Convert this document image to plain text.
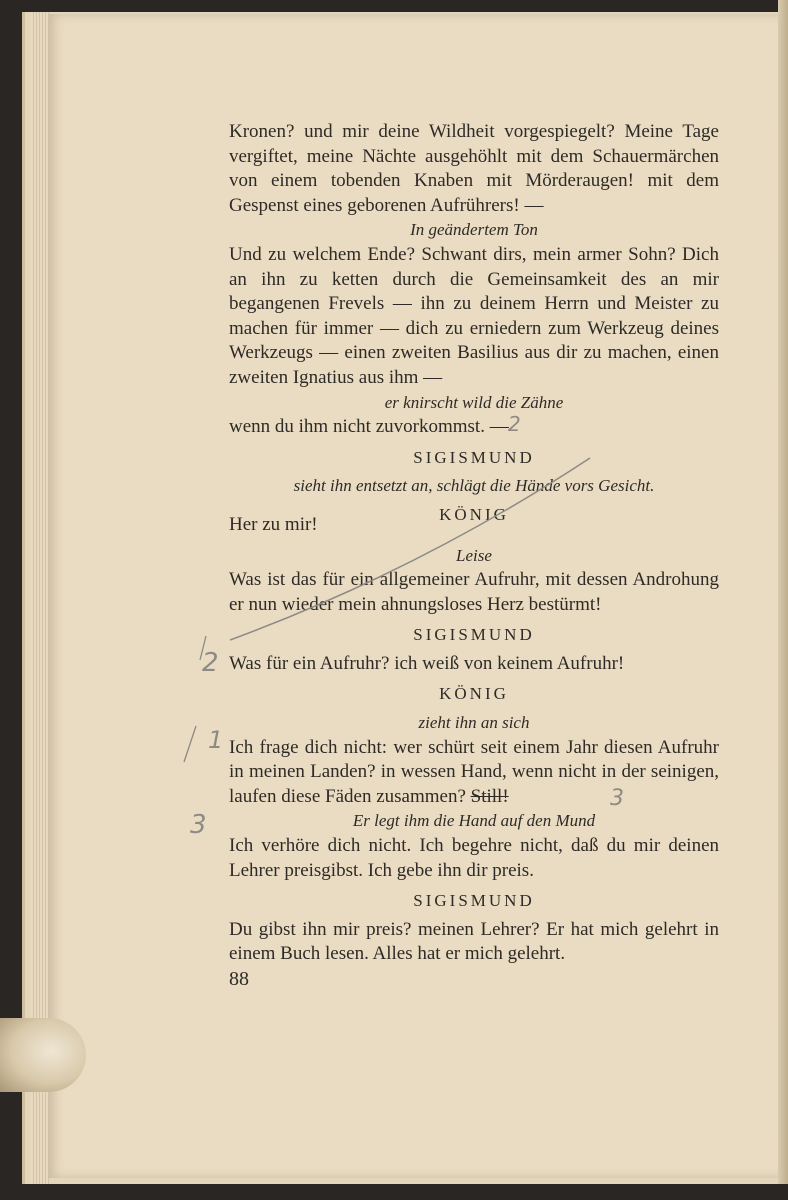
Kronen? und mir deine Wildheit vorgespiegelt? Meine Tage vergiftet, meine Nächte ausgehöhlt mit dem Schauermärchen von einem tobenden Knaben mit Mörderaugen! mit dem Gespenst eines geborenen Aufrührers! —

In geändertem Ton

Und zu welchem Ende? Schwant dirs, mein armer Sohn? Dich an ihn zu ketten durch die Gemeinsamkeit des an mir begangenen Frevels — ihn zu deinem Herrn und Meister zu machen für immer — dich zu erniedern zum Werkzeug deines Werkzeugs — einen zweiten Basilius aus dir zu machen, einen zweiten Ignatius aus ihm —

er knirscht wild die Zähne

wenn du ihm nicht zuvorkommst. —

SIGISMUND

sieht ihn entsetzt an, schlägt die Hände vors Gesicht.

Her zu mir!	KÖNIG

Leise

Was ist das für ein allgemeiner Aufruhr, mit dessen Androhung er nun wieder mein ahnungsloses Herz bestürmt!

SIGISMUND

Was für ein Aufruhr? ich weiß von keinem Aufruhr!

KÖNIG

zieht ihn an sich

Ich frage dich nicht: wer schürt seit einem Jahr diesen Aufruhr in meinen Landen? in wessen Hand, wenn nicht in der seinigen, laufen diese Fäden zusammen? Still!

Er legt ihm die Hand auf den Mund

Ich verhöre dich nicht. Ich begehre nicht, daß du mir deinen Lehrer preisgibst. Ich gebe ihn dir preis.

SIGISMUND

Du gibst ihn mir preis? meinen Lehrer? Er hat mich gelehrt in einem Buch lesen. Alles hat er mich gelehrt.

88
2
3
1
2
3
